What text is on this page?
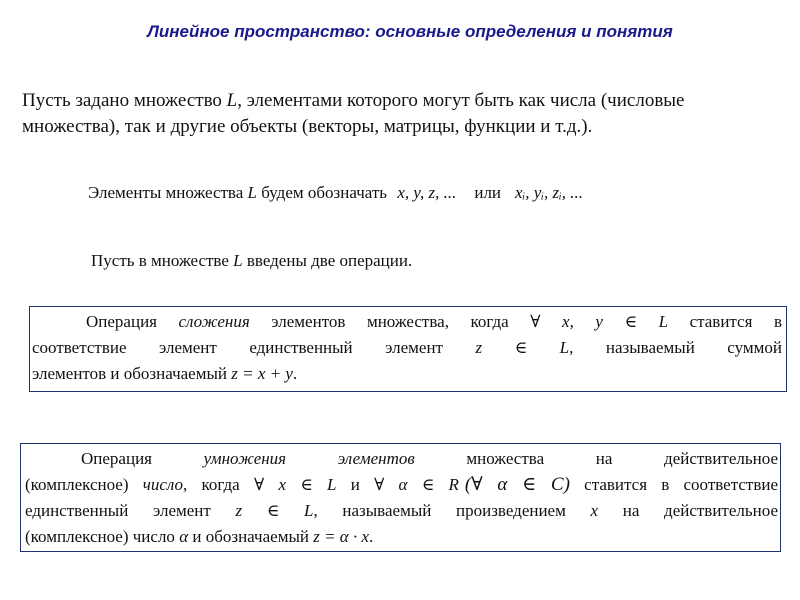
Линейное пространство: основные определения и понятия
Пусть задано множество L, элементами которого могут быть как числа (числовые множества), так и другие объекты (векторы, матрицы, функции и т.д.).
Элементы множества L будем обозначать x, y, z, ... или xᵢ, yᵢ, zᵢ, ...
Пусть в множестве L введены две операции.
Операция сложения элементов множества, когда ∀ x, y ∈ L ставится в
соответствие элемент единственный элемент z ∈ L, называемый суммой
элементов и обозначаемый z = x + y.
Операция умножения элементов множества на действительное
(комплексное) число, когда ∀ x ∈ L и ∀ α ∈ R (∀ α ∈ C) ставится в соответствие
единственный элемент z ∈ L, называемый произведением x на действительное
(комплексное) число α и обозначаемый z = α · x.
